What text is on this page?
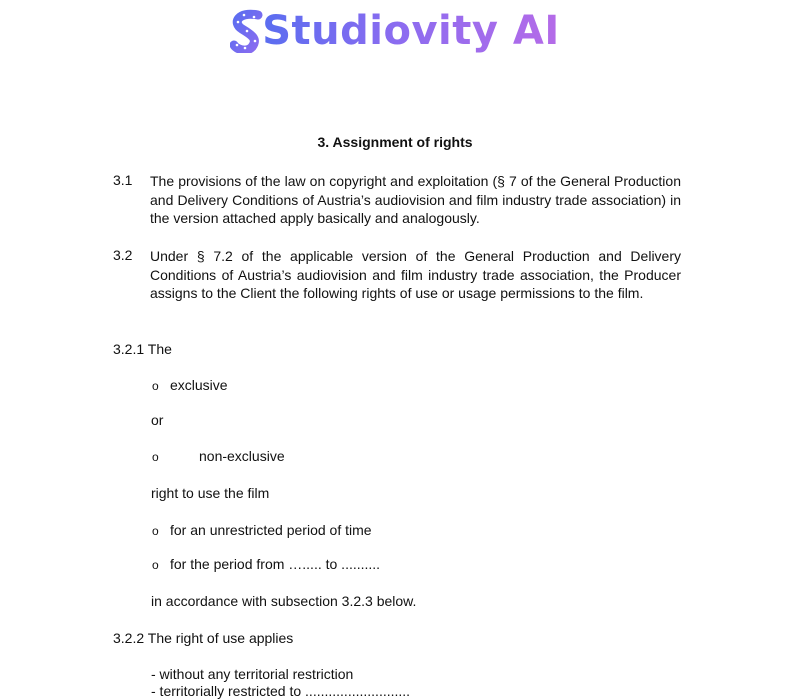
Studiovity AI
3. Assignment of rights
3.1 The provisions of the law on copyright and exploitation (§ 7 of the General Production and Delivery Conditions of Austria’s audiovision and film industry trade association) in the version attached apply basically and analogously.
3.2 Under § 7.2 of the applicable version of the General Production and Delivery Conditions of Austria’s audiovision and film industry trade association, the Producer assigns to the Client the following rights of use or usage permissions to the film.
3.2.1 The
o exclusive
or
o	non-exclusive
right to use the film
o for an unrestricted period of time
o for the period from …..... to ..........
in accordance with subsection 3.2.3 below.
3.2.2 The right of use applies
- without any territorial restriction
- territorially restricted to ...........................
